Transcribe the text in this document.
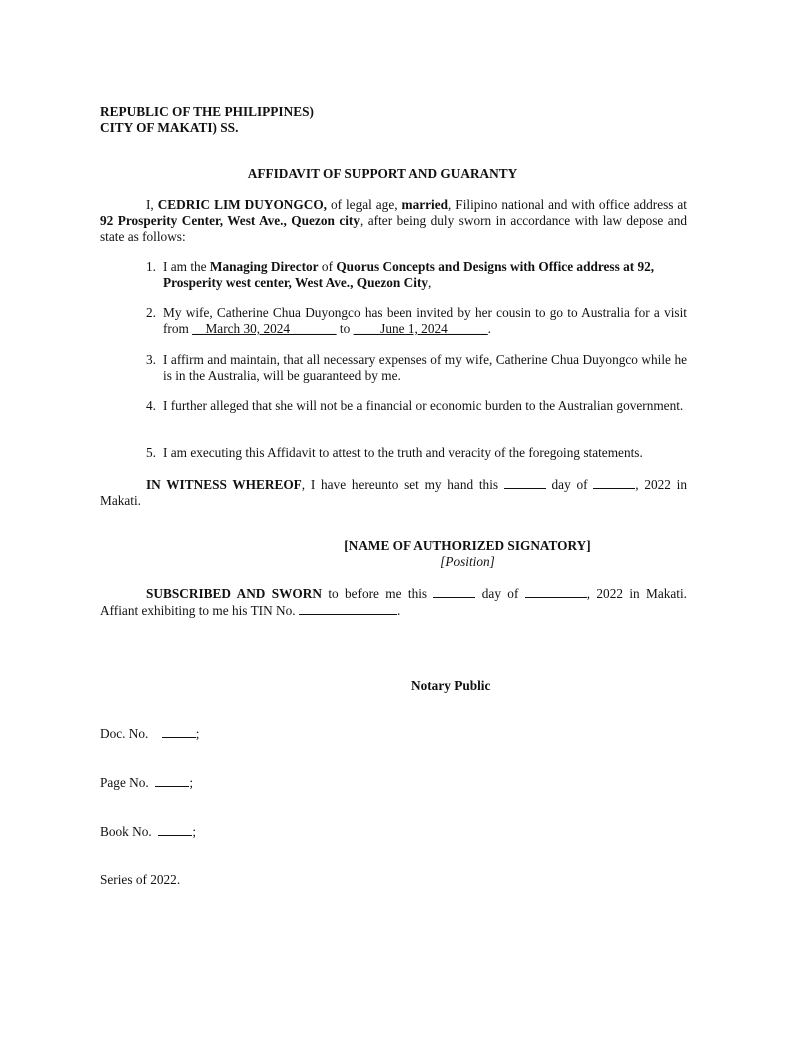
REPUBLIC OF THE PHILIPPINES)
CITY OF MAKATI) SS.
AFFIDAVIT OF SUPPORT AND GUARANTY
I, CEDRIC LIM DUYONGCO, of legal age, married, Filipino national and with office address at 92 Prosperity Center, West Ave., Quezon city, after being duly sworn in accordance with law depose and state as follows:
1. I am the Managing Director of Quorus Concepts and Designs with Office address at 92, Prosperity west center, West Ave., Quezon City,
2. My wife, Catherine Chua Duyongco has been invited by her cousin to go to Australia for a visit from __March 30, 2024_______ to ____June 1, 2024______.
3. I affirm and maintain, that all necessary expenses of my wife, Catherine Chua Duyongco while he is in the Australia, will be guaranteed by me.
4. I further alleged that she will not be a financial or economic burden to the Australian government.
5. I am executing this Affidavit to attest to the truth and veracity of the foregoing statements.
IN WITNESS WHEREOF, I have hereunto set my hand this	day of	, 2022 in Makati.
[NAME OF AUTHORIZED SIGNATORY]
[Position]
SUBSCRIBED AND SWORN to before me this	day of	, 2022 in Makati. Affiant exhibiting to me his TIN No.	.
Notary Public

Doc. No.	;

Page No.	;

Book No.	;

Series of 2022.
